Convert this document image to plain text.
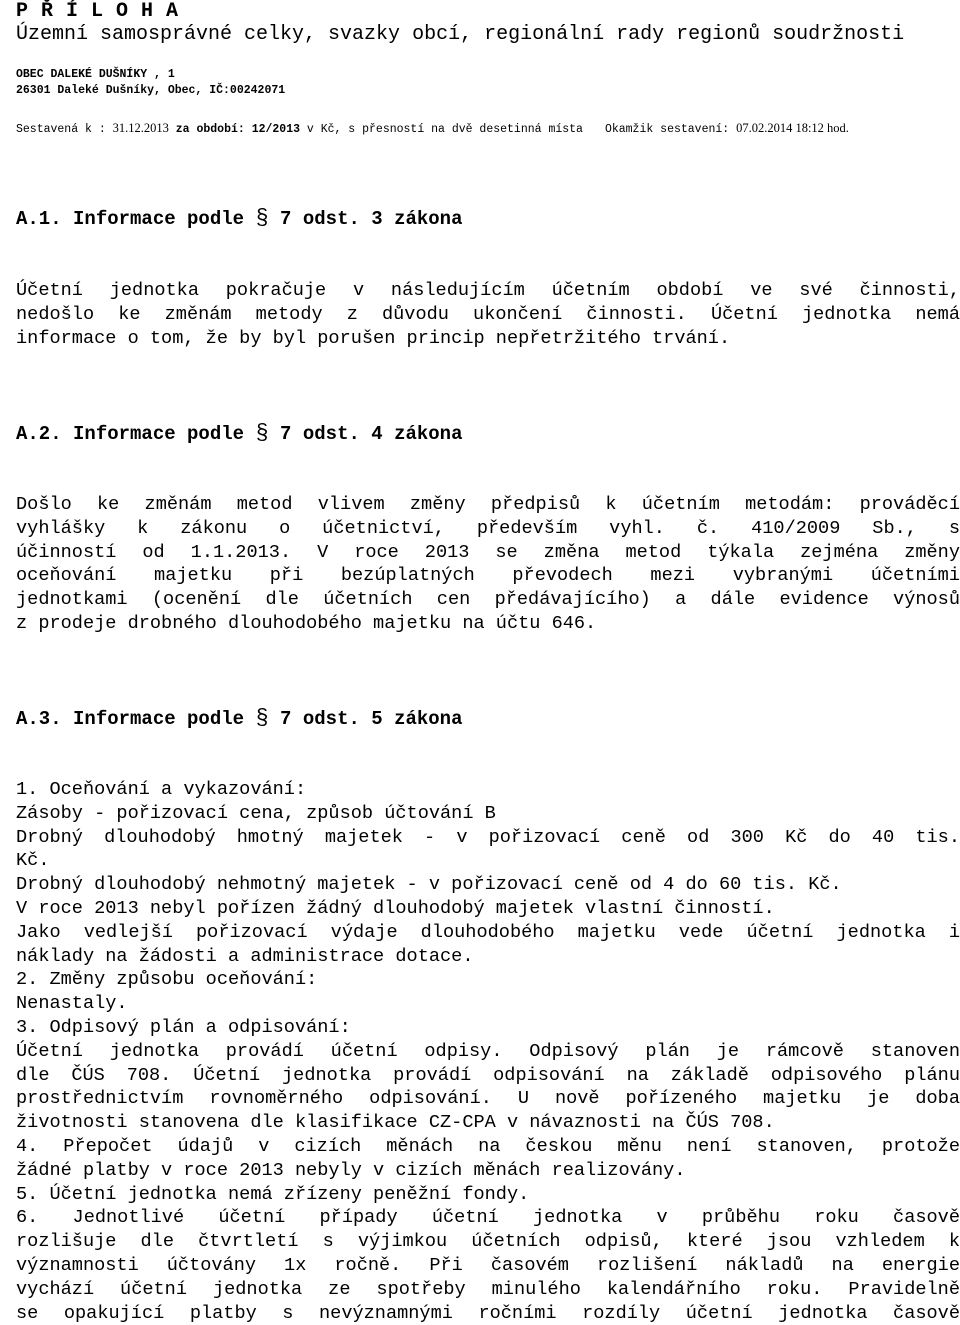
P Ř Í L O H A
Územní samosprávné celky, svazky obcí, regionální rady regionů soudržnosti
OBEC DALEKÉ DUŠNÍKY , 1
26301 Daleké Dušníky, Obec, IČ:00242071
Sestavená k : 31.12.2013 za období: 12/2013 v Kč, s přesností na dvě desetinná místa Okamžik sestavení: 07.02.2014 18:12 hod.
A.1. Informace podle § 7 odst. 3 zákona
Účetní jednotka pokračuje v následujícím účetním období ve své činnosti,
nedošlo ke změnám metody z důvodu ukončení činnosti. Účetní jednotka nemá
informace o tom, že by byl porušen princip nepřetržitého trvání.
A.2. Informace podle § 7 odst. 4 zákona
Došlo ke změnám metod vlivem změny předpisů k účetním metodám: prováděcí
vyhlášky k zákonu o účetnictví, především vyhl. č. 410/2009 Sb., s
účinností od 1.1.2013. V roce 2013 se změna metod týkala zejména změny
oceňování majetku při bezúplatných převodech mezi vybranými účetními
jednotkami (ocenění dle účetních cen předávajícího) a dále evidence výnosů
z prodeje drobného dlouhodobého majetku na účtu 646.
A.3. Informace podle § 7 odst. 5 zákona
1. Oceňování a vykazování:
Zásoby - pořizovací cena, způsob účtování B
Drobný dlouhodobý hmotný majetek - v pořizovací ceně od 300 Kč do 40 tis.
Kč.
Drobný dlouhodobý nehmotný majetek - v pořizovací ceně od 4 do 60 tis. Kč.
V roce 2013 nebyl pořízen žádný dlouhodobý majetek vlastní činností.
Jako vedlejší pořizovací výdaje dlouhodobého majetku vede účetní jednotka i
náklady na žádosti a administrace dotace.
2. Změny způsobu oceňování:
Nenastaly.
3. Odpisový plán a odpisování:
Účetní jednotka provádí účetní odpisy. Odpisový plán je rámcově stanoven
dle ČÚS 708. Účetní jednotka provádí odpisování na základě odpisového plánu
prostřednictvím rovnoměrného odpisování. U nově pořízeného majetku je doba
životnosti stanovena dle klasifikace CZ-CPA v návaznosti na ČÚS 708.
4. Přepočet údajů v cizích měnách na českou měnu není stanoven, protože
žádné platby v roce 2013 nebyly v cizích měnách realizovány.
5. Účetní jednotka nemá zřízeny peněžní fondy.
6. Jednotlivé účetní případy účetní jednotka v průběhu roku časově
rozlišuje dle čtvrtletí s výjimkou účetních odpisů, které jsou vzhledem k
významnosti účtovány 1x ročně. Při časovém rozlišení nákladů na energie
vychází účetní jednotka ze spotřeby minulého kalendářního roku. Pravidelně
se opakující platby s nevýznamnými ročními rozdíly účetní jednotka časově
